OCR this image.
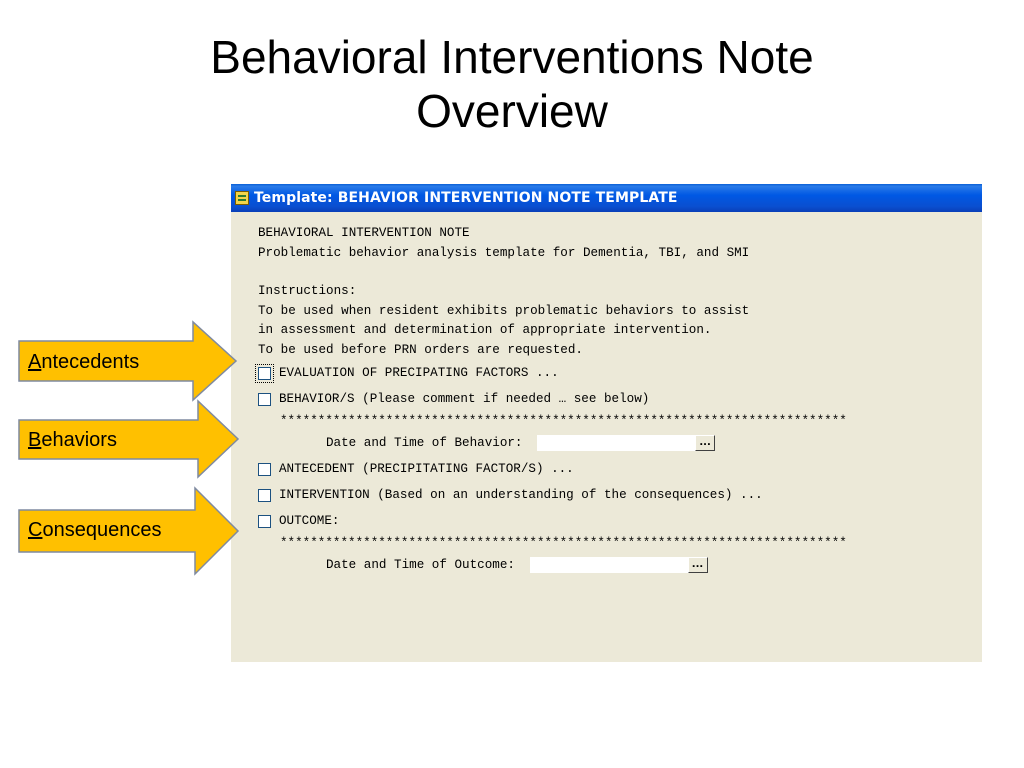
Behavioral Interventions Note
Overview
Template: BEHAVIOR INTERVENTION NOTE TEMPLATE
BEHAVIORAL INTERVENTION NOTE
Problematic behavior analysis template for Dementia, TBI, and SMI
Instructions:
To be used when resident exhibits problematic behaviors to assist
in assessment and determination of appropriate intervention.
To be used before PRN orders are requested.
EVALUATION OF PRECIPATING FACTORS ...
BEHAVIOR/S (Please comment if needed … see below)
***************************************************************************
Date and Time of Behavior:	...
ANTECEDENT (PRECIPITATING FACTOR/S) ...
INTERVENTION (Based on an understanding of the consequences) ...
OUTCOME:
***************************************************************************
Date and Time of Outcome:	...
Antecedents
Behaviors
Consequences
